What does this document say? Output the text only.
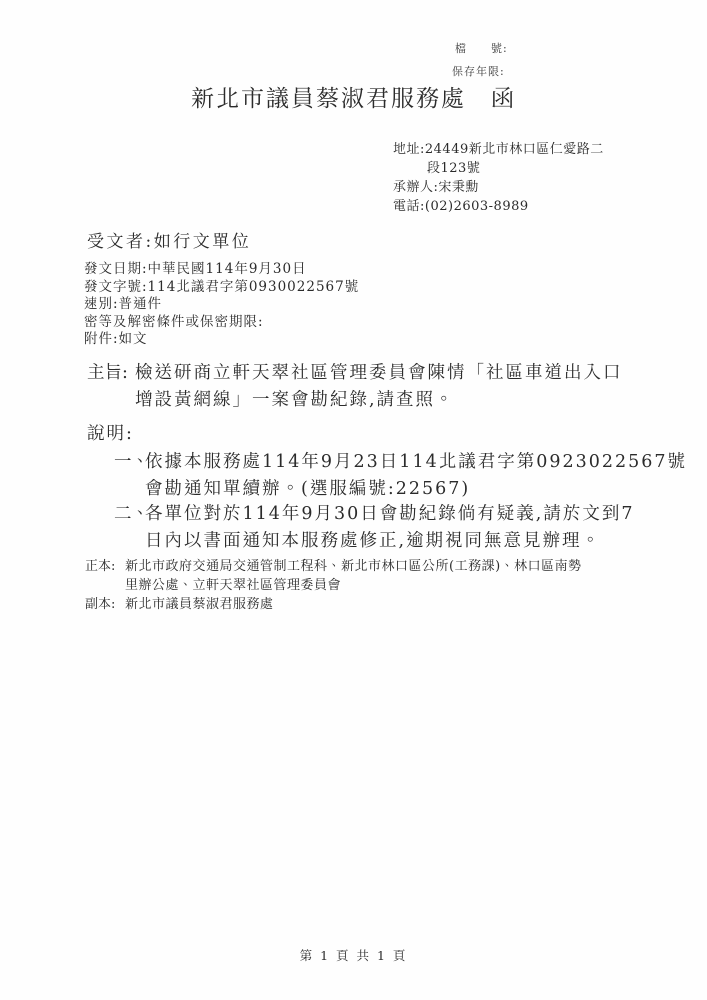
檔　　號:
保存年限:
新北市議員蔡淑君服務處　函
地址:24449新北市林口區仁愛路二
段123號
承辦人:宋秉勳
電話:(02)2603-8989
受文者:如行文單位
發文日期:中華民國114年9月30日
發文字號:114北議君字第0930022567號
速別:普通件
密等及解密條件或保密期限:
附件:如文
主旨: 檢送研商立軒天翠社區管理委員會陳情「社區車道出入口
增設黃網線」一案會勘紀錄,請查照。
說明:
一、
依據本服務處114年9月23日114北議君字第0923022567號
會勘通知單續辦。(選服編號:22567)
二、
各單位對於114年9月30日會勘紀錄倘有疑義,請於文到7
日內以書面通知本服務處修正,逾期視同無意見辦理。
正本: 新北市政府交通局交通管制工程科、新北市林口區公所(工務課)、林口區南勢
里辦公處、立軒天翠社區管理委員會
副本: 新北市議員蔡淑君服務處
第 1 頁 共 1 頁
